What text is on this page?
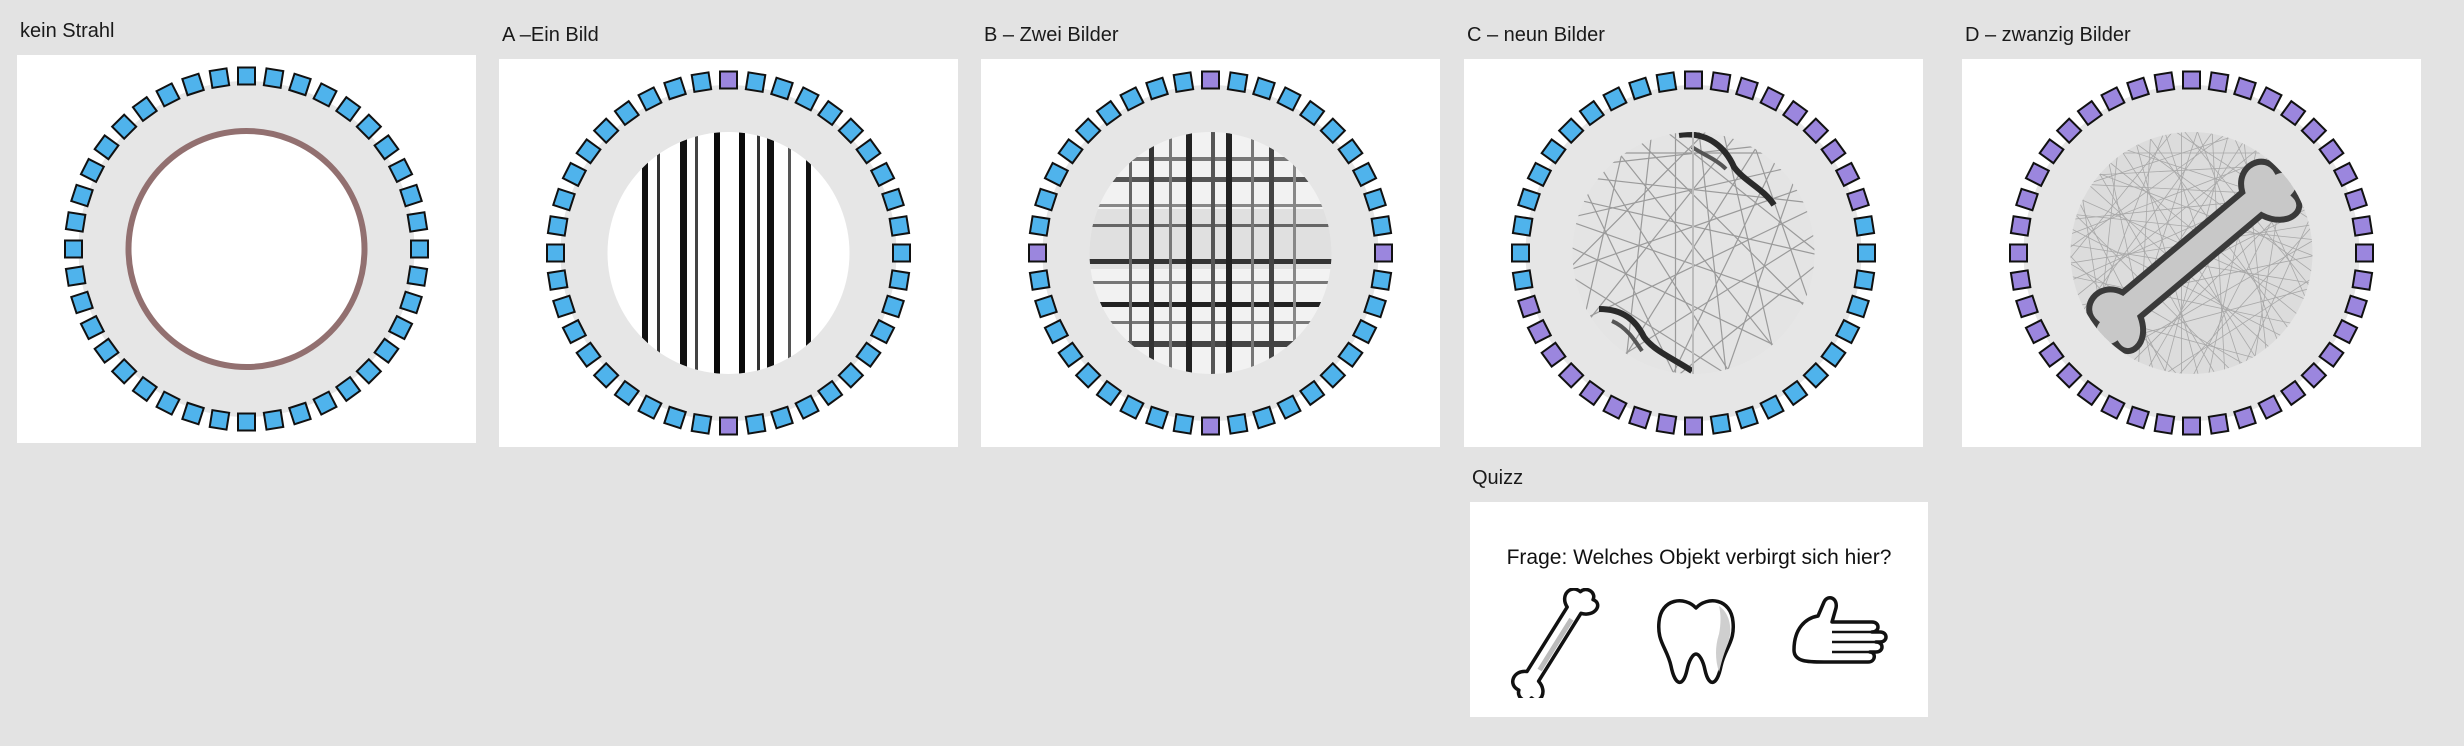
kein Strahl	A –Ein Bild	B – Zwei Bilder	C – neun Bilder	D – zwanzig Bilder
Quizz
Frage: Welches Objekt verbirgt sich hier?
